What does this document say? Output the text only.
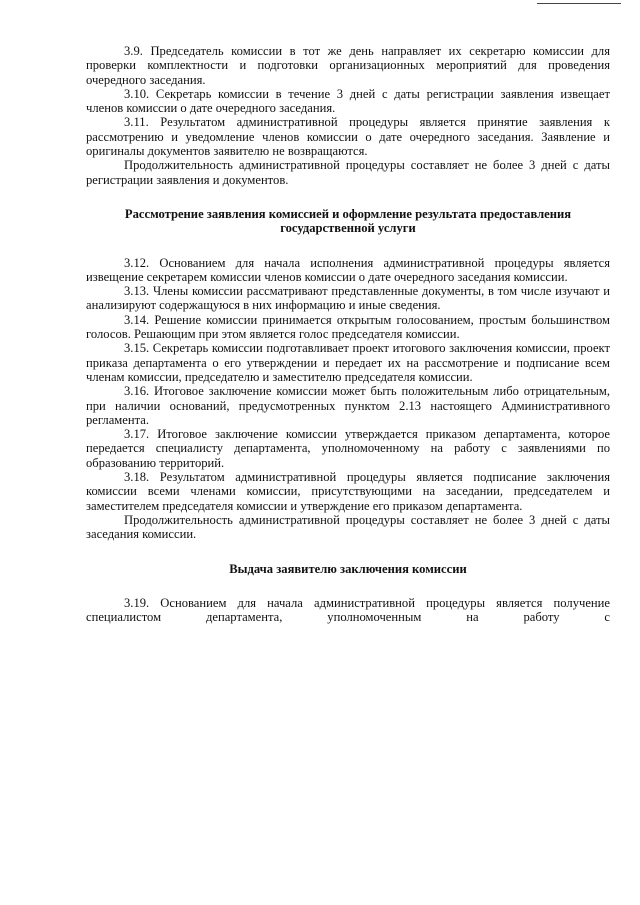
3.9. Председатель комиссии в тот же день направляет их секретарю комиссии для проверки комплектности и подготовки организационных мероприятий для проведения очередного заседания.

3.10. Секретарь комиссии в течение 3 дней с даты регистрации заявления извещает членов комиссии о дате очередного заседания.

3.11. Результатом административной процедуры является принятие заявления к рассмотрению и уведомление членов комиссии о дате очередного заседания. Заявление и оригиналы документов заявителю не возвращаются.

Продолжительность административной процедуры составляет не более 3 дней с даты регистрации заявления и документов.

Рассмотрение заявления комиссией и оформление результата предоставления государственной услуги

3.12. Основанием для начала исполнения административной процедуры является извещение секретарем комиссии членов комиссии о дате очередного заседания комиссии.

3.13. Члены комиссии рассматривают представленные документы, в том числе изучают и анализируют содержащуюся в них информацию и иные сведения.

3.14. Решение комиссии принимается открытым голосованием, простым большинством голосов. Решающим при этом является голос председателя комиссии.

3.15. Секретарь комиссии подготавливает проект итогового заключения комиссии, проект приказа департамента о его утверждении и передает их на рассмотрение и подписание всем членам комиссии, председателю и заместителю председателя комиссии.

3.16. Итоговое заключение комиссии может быть положительным либо отрицательным, при наличии оснований, предусмотренных пунктом 2.13 настоящего Административного регламента.

3.17. Итоговое заключение комиссии утверждается приказом департамента, которое передается специалисту департамента, уполномоченному на работу с заявлениями по образованию территорий.

3.18. Результатом административной процедуры является подписание заключения комиссии всеми членами комиссии, присутствующими на заседании, председателем и заместителем председателя комиссии и утверждение его приказом департамента.

Продолжительность административной процедуры составляет не более 3 дней с даты заседания комиссии.

Выдача заявителю заключения комиссии

3.19. Основанием для начала административной процедуры является получение специалистом департамента, уполномоченным на работу с
